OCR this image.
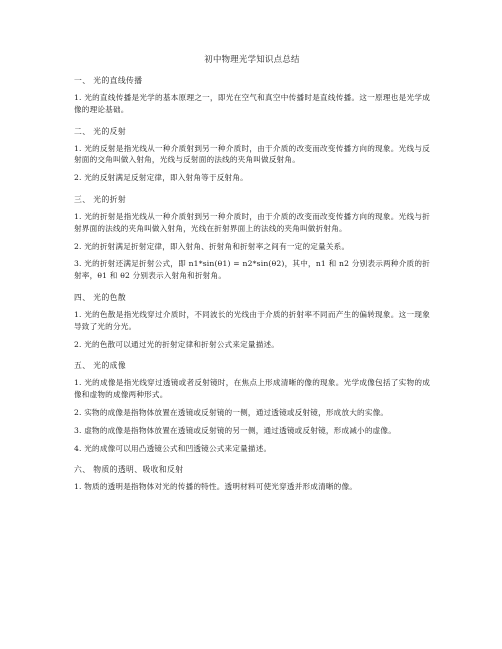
初中物理光学知识点总结
一、 光的直线传播
1. 光的直线传播是光学的基本原理之一，即光在空气和真空中传播时是直线传播。这一原理也是光学成像的理论基础。
二、 光的反射
1. 光的反射是指光线从一种介质射到另一种介质时，由于介质的改变而改变传播方向的现象。光线与反射面的交角叫做入射角，光线与反射面的法线的夹角叫做反射角。
2. 光的反射满足反射定律，即入射角等于反射角。
三、 光的折射
1. 光的折射是指光线从一种介质射到另一种介质时，由于介质的改变而改变传播方向的现象。光线与折射界面的法线的夹角叫做入射角，光线在折射界面上的法线的夹角叫做折射角。
2. 光的折射满足折射定律，即入射角、折射角和折射率之间有一定的定量关系。
3. 光的折射还满足折射公式，即 n1*sin(θ1) = n2*sin(θ2)，其中，n1 和 n2 分别表示两种介质的折射率，θ1 和 θ2 分别表示入射角和折射角。
四、 光的色散
1. 光的色散是指光线穿过介质时，不同波长的光线由于介质的折射率不同而产生的偏转现象。这一现象导致了光的分光。
2. 光的色散可以通过光的折射定律和折射公式来定量描述。
五、 光的成像
1. 光的成像是指光线穿过透镜或者反射镜时，在焦点上形成清晰的像的现象。光学成像包括了实物的成像和虚物的成像两种形式。
2. 实物的成像是指物体放置在透镜或反射镜的一侧，通过透镜或反射镜，形成放大的实像。
3. 虚物的成像是指物体放置在透镜或反射镜的另一侧，通过透镜或反射镜，形成减小的虚像。
4. 光的成像可以用凸透镜公式和凹透镜公式来定量描述。
六、 物质的透明、吸收和反射
1. 物质的透明是指物体对光的传播的特性。透明材料可使光穿透并形成清晰的像。
